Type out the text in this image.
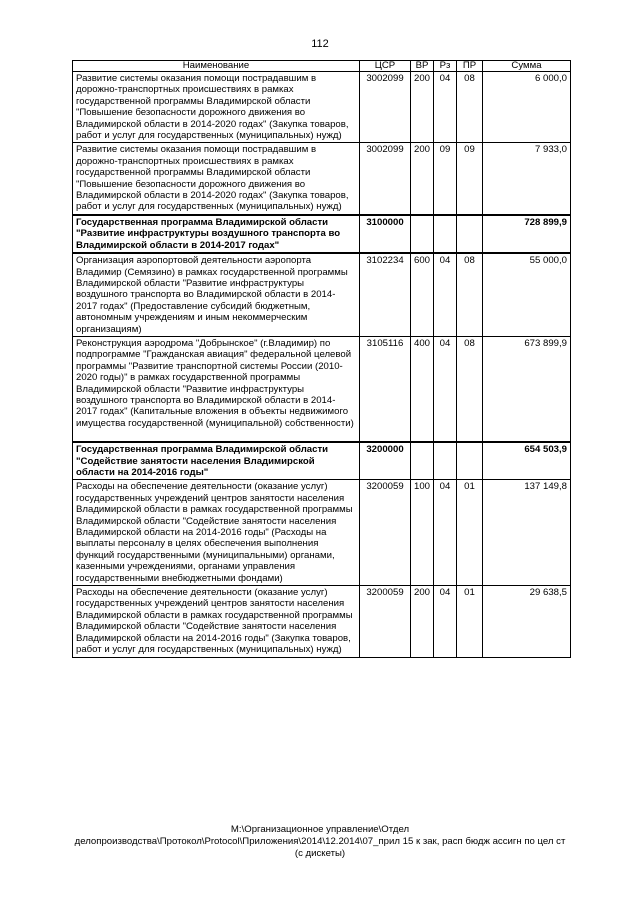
112
Наименование	ЦСР	ВР	Рз	ПР	Сумма
Развитие системы оказания помощи пострадавшим в дорожно-транспортных происшествиях в рамках государственной программы Владимирской области "Повышение безопасности дорожного движения во Владимирской области в 2014-2020 годах" (Закупка товаров, работ и услуг для государственных (муниципальных) нужд)	3002099	200	04	08	6 000,0
Развитие системы оказания помощи пострадавшим в дорожно-транспортных происшествиях в рамках государственной программы Владимирской области "Повышение безопасности дорожного движения во Владимирской области в 2014-2020 годах" (Закупка товаров, работ и услуг для государственных (муниципальных) нужд)	3002099	200	09	09	7 933,0
Государственная программа Владимирской области "Развитие инфраструктуры воздушного транспорта во Владимирской области в 2014-2017 годах"	3100000				728 899,9
Организация аэропортовой деятельности аэропорта Владимир (Семязино) в рамках государственной программы Владимирской области "Развитие инфраструктуры воздушного транспорта во Владимирской области в 2014-2017 годах" (Предоставление субсидий бюджетным, автономным учреждениям и иным некоммерческим организациям)	3102234	600	04	08	55 000,0
Реконструкция аэродрома "Добрынское" (г.Владимир) по подпрограмме "Гражданская авиация" федеральной целевой программы "Развитие транспортной системы России (2010-2020 годы)" в рамках государственной программы Владимирской области "Развитие инфраструктуры воздушного транспорта во Владимирской области в 2014-2017 годах" (Капитальные вложения в объекты недвижимого имущества государственной (муниципальной) собственности)	3105116	400	04	08	673 899,9
Государственная программа Владимирской области "Содействие занятости населения Владимирской области на 2014-2016 годы"	3200000				654 503,9
Расходы на обеспечение деятельности (оказание услуг) государственных учреждений центров занятости населения Владимирской области в рамках государственной программы Владимирской области "Содействие занятости населения Владимирской области на 2014-2016 годы" (Расходы на выплаты персоналу в целях обеспечения выполнения функций государственными (муниципальными) органами, казенными учреждениями, органами управления государственными внебюджетными фондами)	3200059	100	04	01	137 149,8
Расходы на обеспечение деятельности (оказание услуг) государственных учреждений центров занятости населения Владимирской области в рамках государственной программы Владимирской области "Содействие занятости населения Владимирской области на 2014-2016 годы" (Закупка товаров, работ и услуг для государственных (муниципальных) нужд)	3200059	200	04	01	29 638,5
М:\Организационное управление\Отдел
делопроизводства\Протокол\Protocol\Приложения\2014\12.2014\07_прил 15 к зак, расп бюдж ассигн по цел ст
(с дискеты)
